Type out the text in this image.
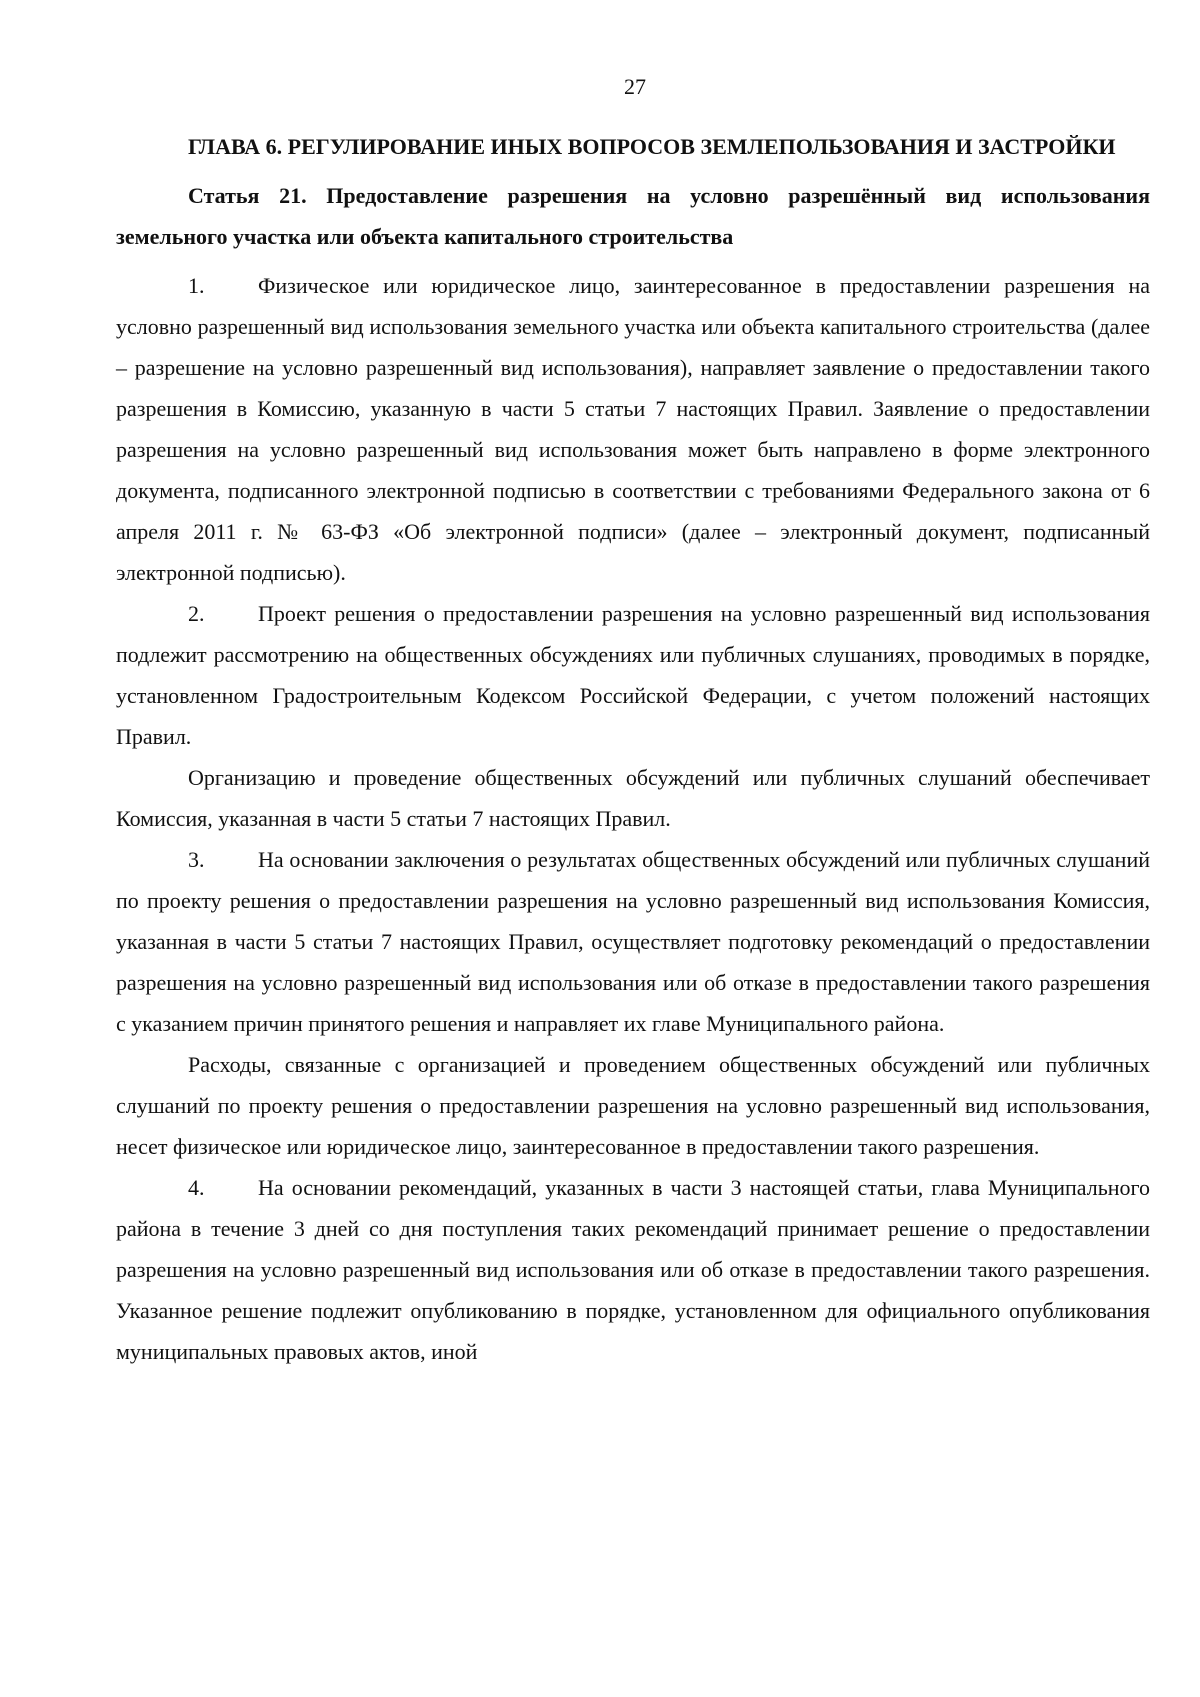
27
ГЛАВА 6. РЕГУЛИРОВАНИЕ ИНЫХ ВОПРОСОВ ЗЕМЛЕПОЛЬЗОВАНИЯ И ЗАСТРОЙКИ
Статья 21. Предоставление разрешения на условно разрешённый вид использования земельного участка или объекта капитального строительства

1. Физическое или юридическое лицо, заинтересованное в предоставлении разрешения на условно разрешенный вид использования земельного участка или объекта капитального строительства (далее – разрешение на условно разрешенный вид использования), направляет заявление о предоставлении такого разрешения в Комиссию, указанную в части 5 статьи 7 настоящих Правил. Заявление о предоставлении разрешения на условно разрешенный вид использования может быть направлено в форме электронного документа, подписанного электронной подписью в соответствии с требованиями Федерального закона от 6 апреля 2011 г. № 63-ФЗ «Об электронной подписи» (далее – электронный документ, подписанный электронной подписью).

2. Проект решения о предоставлении разрешения на условно разрешенный вид использования подлежит рассмотрению на общественных обсуждениях или публичных слушаниях, проводимых в порядке, установленном Градостроительным Кодексом Российской Федерации, с учетом положений настоящих Правил.

Организацию и проведение общественных обсуждений или публичных слушаний обеспечивает Комиссия, указанная в части 5 статьи 7 настоящих Правил.

3. На основании заключения о результатах общественных обсуждений или публичных слушаний по проекту решения о предоставлении разрешения на условно разрешенный вид использования Комиссия, указанная в части 5 статьи 7 настоящих Правил, осуществляет подготовку рекомендаций о предоставлении разрешения на условно разрешенный вид использования или об отказе в предоставлении такого разрешения с указанием причин принятого решения и направляет их главе Муниципального района.

Расходы, связанные с организацией и проведением общественных обсуждений или публичных слушаний по проекту решения о предоставлении разрешения на условно разрешенный вид использования, несет физическое или юридическое лицо, заинтересованное в предоставлении такого разрешения.

4. На основании рекомендаций, указанных в части 3 настоящей статьи, глава Муниципального района в течение 3 дней со дня поступления таких рекомендаций принимает решение о предоставлении разрешения на условно разрешенный вид использования или об отказе в предоставлении такого разрешения. Указанное решение подлежит опубликованию в порядке, установленном для официального опубликования муниципальных правовых актов, иной
